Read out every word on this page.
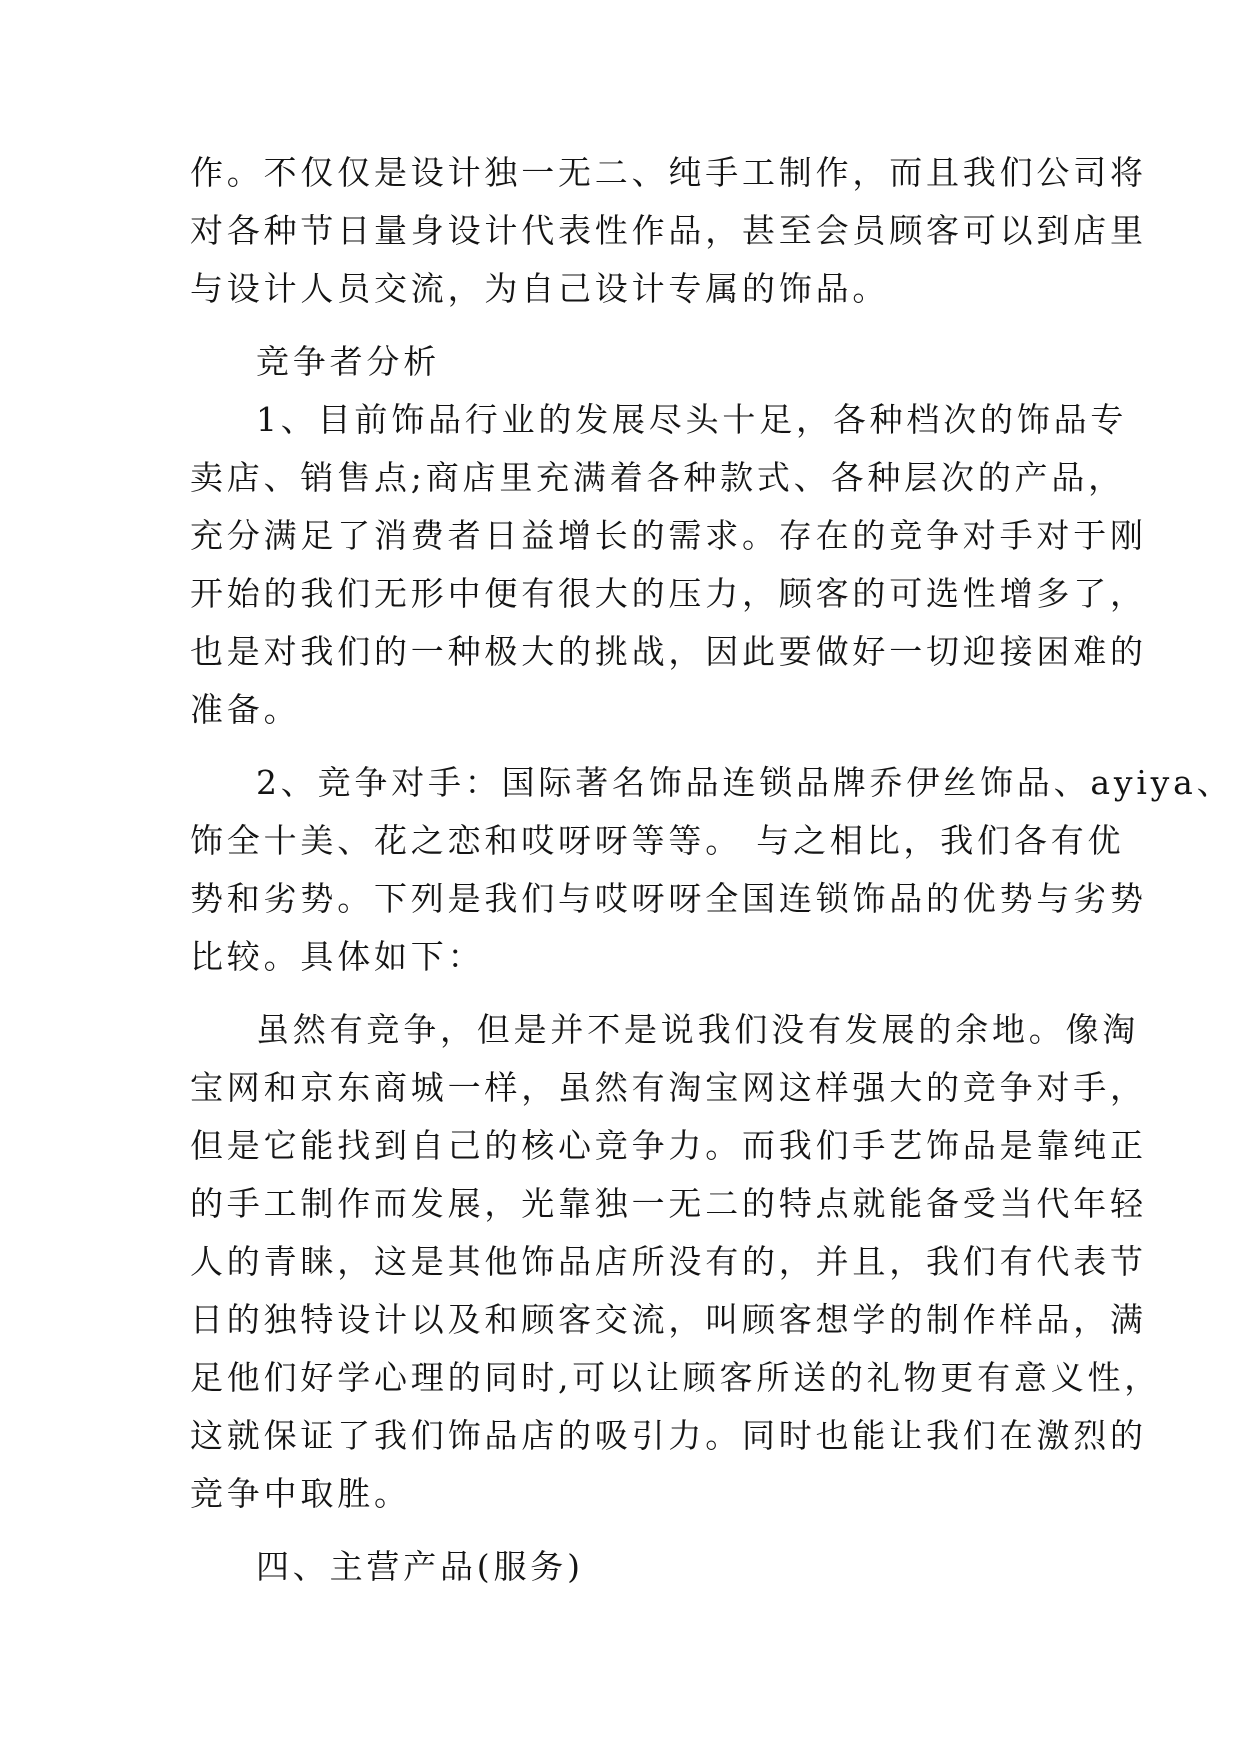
作。不仅仅是设计独一无二、纯手工制作，而且我们公司将

对各种节日量身设计代表性作品，甚至会员顾客可以到店里

与设计人员交流，为自己设计专属的饰品。

竞争者分析

1、目前饰品行业的发展尽头十足，各种档次的饰品专

卖店、销售点;商店里充满着各种款式、各种层次的产品，

充分满足了消费者日益增长的需求。存在的竞争对手对于刚

开始的我们无形中便有很大的压力，顾客的可选性增多了，

也是对我们的一种极大的挑战，因此要做好一切迎接困难的

准备。

2、竞争对手：国际著名饰品连锁品牌乔伊丝饰品、ayiya、

饰全十美、花之恋和哎呀呀等等。 与之相比，我们各有优

势和劣势。下列是我们与哎呀呀全国连锁饰品的优势与劣势

比较。具体如下：

虽然有竞争，但是并不是说我们没有发展的余地。像淘

宝网和京东商城一样，虽然有淘宝网这样强大的竞争对手，

但是它能找到自己的核心竞争力。而我们手艺饰品是靠纯正

的手工制作而发展，光靠独一无二的特点就能备受当代年轻

人的青睐，这是其他饰品店所没有的，并且，我们有代表节

日的独特设计以及和顾客交流，叫顾客想学的制作样品，满

足他们好学心理的同时,可以让顾客所送的礼物更有意义性，

这就保证了我们饰品店的吸引力。同时也能让我们在激烈的

竞争中取胜。

四、主营产品(服务)
